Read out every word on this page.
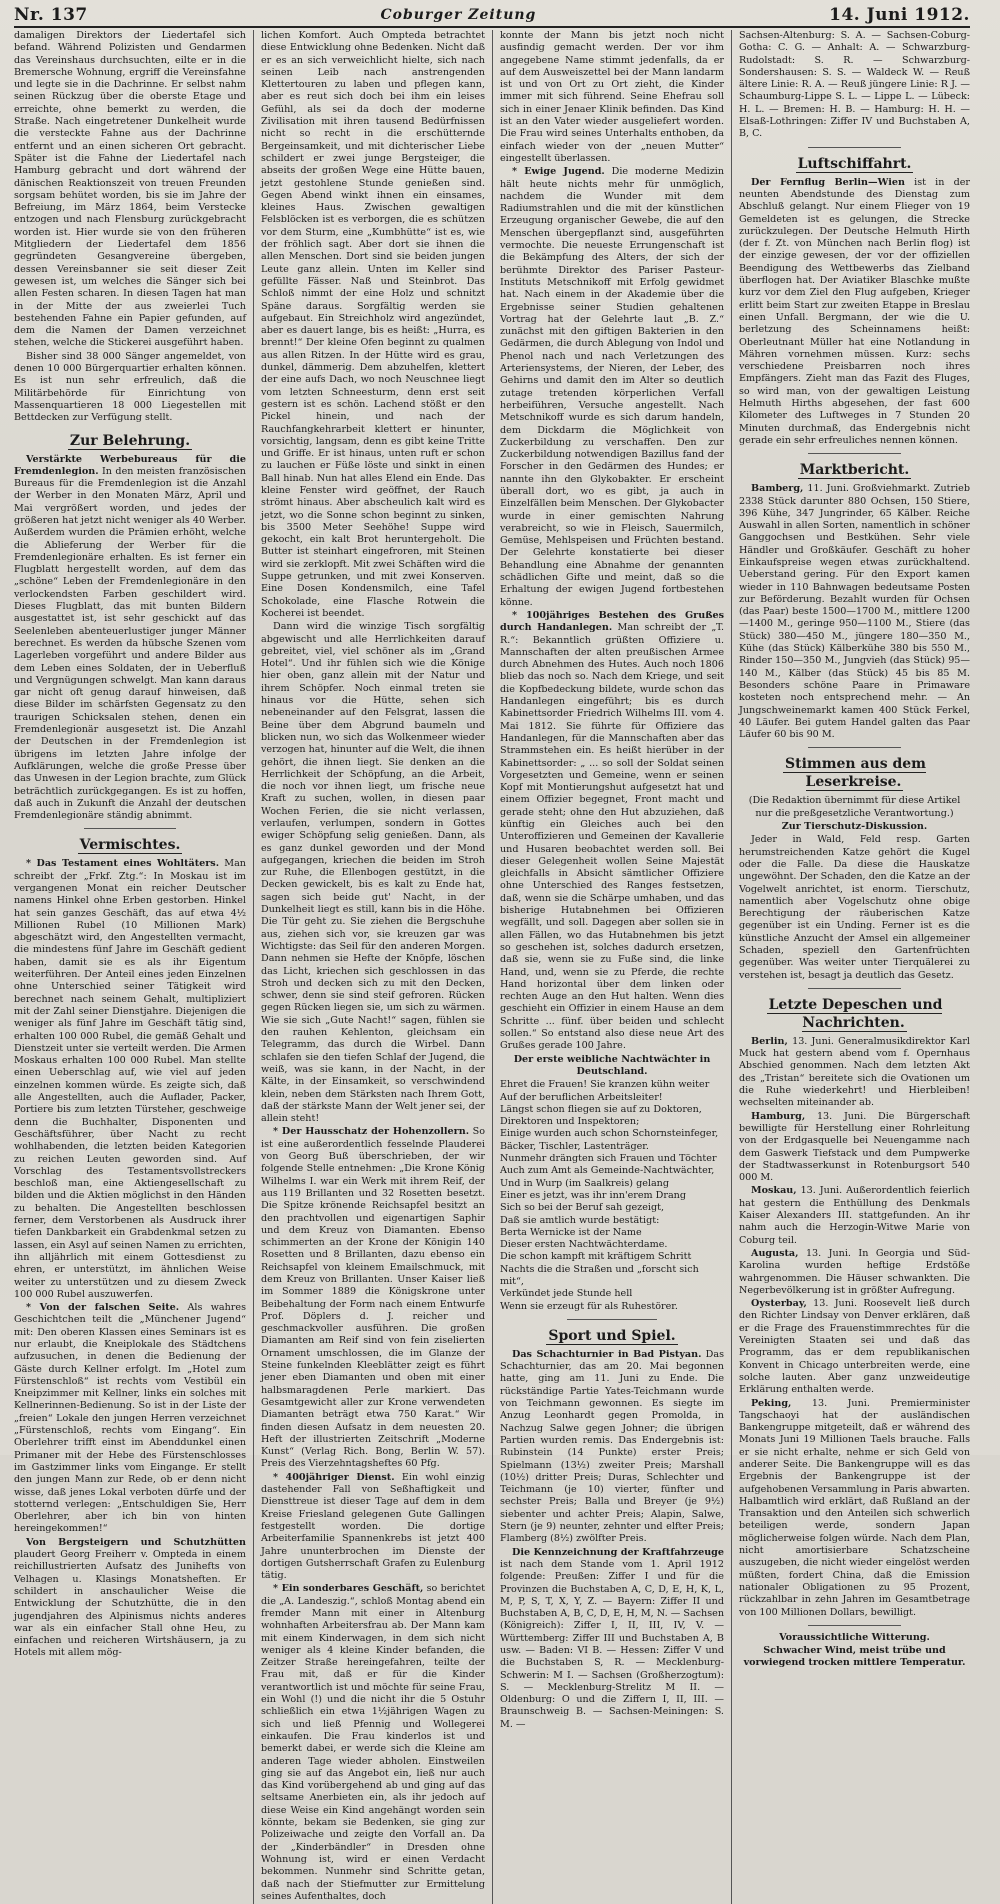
Nr. 137	Coburger Zeitung	14. Juni 1912.

damaligen Direktors der Liedertafel sich befand. Während Polizisten und Gendarmen das Vereinshaus durchsuchten, eilte er in die Bremersche Wohnung, ergriff die Vereinsfahne und legte sie in die Dachrinne. Er selbst nahm seinen Rückzug über die oberste Etage und erreichte, ohne bemerkt zu werden, die Straße. Nach eingetretener Dunkelheit wurde die versteckte Fahne aus der Dachrinne entfernt und an einen sicheren Ort gebracht. Später ist die Fahne der Liedertafel nach Hamburg gebracht und dort während der dänischen Reaktionszeit von treuen Freunden sorgsam behütet worden, bis sie im Jahre der Befreiung, im März 1864, beim Verstecke entzogen und nach Flensburg zurückgebracht worden ist. Hier wurde sie von den früheren Mitgliedern der Liedertafel dem 1856 gegründeten Gesangvereine übergeben, dessen Vereinsbanner sie seit dieser Zeit gewesen ist, um welches die Sänger sich bei allen Festen scharen. In diesen Tagen hat man in der Mitte der aus zweierlei Tuch bestehenden Fahne ein Papier gefunden, auf dem die Namen der Damen verzeichnet stehen, welche die Stickerei ausgeführt haben.

Bisher sind 38 000 Sänger angemeldet, von denen 10 000 Bürgerquartier erhalten können. Es ist nun sehr erfreulich, daß die Militärbehörde für Einrichtung von Massenquartieren 18 000 Liegestellen mit Bettdecken zur Verfügung stellt.

Zur Belehrung.

Verstärkte Werbebureaus für die Fremdenlegion. In den meisten französischen Bureaus für die Fremdenlegion ist die Anzahl der Werber in den Monaten März, April und Mai vergrößert worden, und jedes der größeren hat jetzt nicht weniger als 40 Werber. Außerdem wurden die Prämien erhöht, welche die Ablieferung der Werber für die Fremdenlegionäre erhalten. Es ist ferner ein Flugblatt hergestellt worden, auf dem das „schöne“ Leben der Fremdenlegionäre in den verlockendsten Farben geschildert wird. Dieses Flugblatt, das mit bunten Bildern ausgestattet ist, ist sehr geschickt auf das Seelenleben abenteuerlustiger junger Männer berechnet. Es werden da hübsche Szenen vom Lagerleben vorgeführt und andere Bilder aus dem Leben eines Soldaten, der in Ueberfluß und Vergnügungen schwelgt. Man kann daraus gar nicht oft genug darauf hinweisen, daß diese Bilder im schärfsten Gegensatz zu den traurigen Schicksalen stehen, denen ein Fremdenlegionär ausgesetzt ist. Die Anzahl der Deutschen in der Fremdenlegion ist übrigens im letzten Jahre infolge der Aufklärungen, welche die große Presse über das Unwesen in der Legion brachte, zum Glück beträchtlich zurückgegangen. Es ist zu hoffen, daß auch in Zukunft die Anzahl der deutschen Fremdenlegionäre ständig abnimmt.

Vermischtes.

* Das Testament eines Wohltäters. Man schreibt der „Frkf. Ztg.“: In Moskau ist im vergangenen Monat ein reicher Deutscher namens Hinkel ohne Erben gestorben. Hinkel hat sein ganzes Geschäft, das auf etwa 4½ Millionen Rubel (10 Millionen Mark) abgeschätzt wird, den Angestellten vermacht, die mindestens fünf Jahre im Geschäft gedient haben, damit sie es als ihr Eigentum weiterführen. Der Anteil eines jeden Einzelnen ohne Unterschied seiner Tätigkeit wird berechnet nach seinem Gehalt, multipliziert mit der Zahl seiner Dienstjahre. Diejenigen die weniger als fünf Jahre im Geschäft tätig sind, erhalten 100 000 Rubel, die gemäß Gehalt und Dienstzeit unter sie verteilt werden. Die Armen Moskaus erhalten 100 000 Rubel. Man stellte einen Ueberschlag auf, wie viel auf jeden einzelnen kommen würde. Es zeigte sich, daß alle Angestellten, auch die Auflader, Packer, Portiere bis zum letzten Türsteher, geschweige denn die Buchhalter, Disponenten und Geschäftsführer, über Nacht zu recht wohlhabenden, die letzten beiden Kategorien zu reichen Leuten geworden sind. Auf Vorschlag des Testamentsvollstreckers beschloß man, eine Aktiengesellschaft zu bilden und die Aktien möglichst in den Händen zu behalten. Die Angestellten beschlossen ferner, dem Verstorbenen als Ausdruck ihrer tiefen Dankbarkeit ein Grabdenkmal setzen zu lassen, ein Asyl auf seinen Namen zu errichten, ihn alljährlich mit einem Gottesdienst zu ehren, er unterstützt, im ähnlichen Weise weiter zu unterstützen und zu diesem Zweck 100 000 Rubel auszuwerfen.

* Von der falschen Seite. Als wahres Geschichtchen teilt die „Münchener Jugend“ mit: Den oberen Klassen eines Seminars ist es nur erlaubt, die Kneiplokale des Städtchens aufzusuchen, in denen die Bedienung der Gäste durch Kellner erfolgt. Im „Hotel zum Fürstenschloß“ ist rechts vom Vestibül ein Kneipzimmer mit Kellner, links ein solches mit Kellnerinnen-Bedienung. So ist in der Liste der „freien“ Lokale den jungen Herren verzeichnet „Fürstenschloß, rechts vom Eingang“. Ein Oberlehrer trifft einst im Abenddunkel einen Primaner mit der Hebe des Fürstenschlosses im Gastzimmer links vom Eingange. Er stellt den jungen Mann zur Rede, ob er denn nicht wisse, daß jenes Lokal verboten dürfe und der stotternd verlegen: „Entschuldigen Sie, Herr Oberlehrer, aber ich bin von hinten hereingekommen!“

Von Bergsteigern und Schutzhütten plaudert Georg Freiherr v. Ompteda in einem reichillustrierten Aufsatz des Junihefts von Velhagen u. Klasings Monatsheften. Er schildert in anschaulicher Weise die Entwicklung der Schutzhütte, die in den jugendjahren des Alpinismus nichts anderes war als ein einfacher Stall ohne Heu, zu einfachen und reicheren Wirtshäusern, ja zu Hotels mit allem mög-

lichen Komfort. Auch Ompteda betrachtet diese Entwicklung ohne Bedenken. Nicht daß er es an sich verweichlicht hielte, sich nach seinen Leib nach anstrengenden Klettertouren zu laben und pflegen kann, aber es reut sich doch bei ihm ein leises Gefühl, als sei da doch der moderne Zivilisation mit ihren tausend Bedürfnissen nicht so recht in die erschütternde Bergeinsamkeit, und mit dichterischer Liebe schildert er zwei junge Bergsteiger, die abseits der großen Wege eine Hütte bauen, jetzt gestohlene Stunde genießen sind. Gegen Abend winkt ihnen ein einsames, kleines Haus. Zwischen gewaltigen Felsblöcken ist es verborgen, die es schützen vor dem Sturm, eine „Kumbhütte“ ist es, wie der fröhlich sagt. Aber dort sie ihnen die allen Menschen. Dort sind sie beiden jungen Leute ganz allein. Unten im Keller sind gefüllte Fässer. Naß und Steinbrot. Das Schloß nimmt der eine Holz und schnitzt Späne daraus. Sorgfältig werden sie aufgebaut. Ein Streichholz wird angezündet, aber es dauert lange, bis es heißt: „Hurra, es brennt!“ Der kleine Ofen beginnt zu qualmen aus allen Ritzen. In der Hütte wird es grau, dunkel, dämmerig. Dem abzuhelfen, klettert der eine aufs Dach, wo noch Neuschnee liegt vom letzten Schneesturm, denn erst seit gestern ist es schön. Lachend stößt er den Pickel hinein, und nach der Rauchfangkehrarbeit klettert er hinunter, vorsichtig, langsam, denn es gibt keine Tritte und Griffe. Er ist hinaus, unten ruft er schon zu lauchen er Füße löste und sinkt in einen Ball hinab. Nun hat alles Elend ein Ende. Das kleine Fenster wird geöffnet, der Rauch strömt hinaus. Aber abscheulich kalt wird es jetzt, wo die Sonne schon beginnt zu sinken, bis 3500 Meter Seehöhe! Suppe wird gekocht, ein kalt Brot heruntergeholt. Die Butter ist steinhart eingefroren, mit Steinen wird sie zerklopft. Mit zwei Schäften wird die Suppe getrunken, und mit zwei Konserven. Eine Dosen Kondensmilch, eine Tafel Schokolade, eine Flasche Rotwein die Kocherei ist beendet.

Dann wird die winzige Tisch sorgfältig abgewischt und alle Herrlichkeiten darauf gebreitet, viel, viel schöner als im „Grand Hotel“. Und ihr fühlen sich wie die Könige hier oben, ganz allein mit der Natur und ihrem Schöpfer. Noch einmal treten sie hinaus vor die Hütte, sehen sich nebeneinander auf den Felsgrat, lassen die Beine über dem Abgrund baumeln und blicken nun, wo sich das Wolkenmeer wieder verzogen hat, hinunter auf die Welt, die ihnen gehört, die ihnen liegt. Sie denken an die Herrlichkeit der Schöpfung, an die Arbeit, die noch vor ihnen liegt, um frische neue Kraft zu suchen, wollen, in diesen paar Wochen Ferien, die sie nicht verlassen, verlaufen, verlumpen, sondern in Gottes ewiger Schöpfung selig genießen. Dann, als es ganz dunkel geworden und der Mond aufgegangen, kriechen die beiden im Stroh zur Ruhe, die Ellenbogen gestützt, in die Decken gewickelt, bis es kalt zu Ende hat, sagen sich beide gut' Nacht, in der Dunkelheit liegt es still, kann bis in die Höhe. Die Tür geht zu. Sie ziehen die Bergschuhe aus, ziehen sich vor, sie kreuzen gar was Wichtigste: das Seil für den anderen Morgen. Dann nehmen sie Hefte der Knöpfe, löschen das Licht, kriechen sich geschlossen in das Stroh und decken sich zu mit den Decken, schwer, denn sie sind steif gefroren. Rücken gegen Rücken liegen sie, um sich zu wärmen. Wie sie sich „Gute Nacht!“ sagen, fühlen sie den rauhen Kehlenton, gleichsam ein Telegramm, das durch die Wirbel. Dann schlafen sie den tiefen Schlaf der Jugend, die weiß, was sie kann, in der Nacht, in der Kälte, in der Einsamkeit, so verschwindend klein, neben dem Stärksten nach Ihrem Gott, daß der stärkste Mann der Welt jener sei, der allein steht!

* Der Hausschatz der Hohenzollern. So ist eine außerordentlich fesselnde Plauderei von Georg Buß überschrieben, der wir folgende Stelle entnehmen: „Die Krone König Wilhelms I. war ein Werk mit ihrem Reif, der aus 119 Brillanten und 32 Rosetten besetzt. Die Spitze krönende Reichsapfel besitzt an den prachtvollen und eigenartigen Saphir und dem Kreuz von Diamanten. Ebenso schimmerten an der Krone der Königin 140 Rosetten und 8 Brillanten, dazu ebenso ein Reichsapfel von kleinem Emailschmuck, mit dem Kreuz von Brillanten. Unser Kaiser ließ im Sommer 1889 die Königskrone unter Beibehaltung der Form nach einem Entwurfe Prof. Döplers d. J. reicher und geschmackvoller ausführen. Die großen Diamanten am Reif sind von fein ziselierten Ornament umschlossen, die im Glanze der Steine funkelnden Kleeblätter zeigt es führt jener eben Diamanten und oben mit einer halbsmaragdenen Perle markiert. Das Gesamtgewicht aller zur Krone verwendeten Diamanten beträgt etwa 750 Karat.“ Wir finden diesen Aufsatz in dem neuesten 20. Heft der illustrierten Zeitschrift „Moderne Kunst“ (Verlag Rich. Bong, Berlin W. 57). Preis des Vierzehntagsheftes 60 Pfg.

* 400jähriger Dienst. Ein wohl einzig dastehender Fall von Seßhaftigkeit und Diensttreue ist dieser Tage auf dem in dem Kreise Friesland gelegenen Gute Gallingen festgestellt worden. Die dortige Arbeiterfamilie Spannenkrebs ist jetzt 400 Jahre ununterbrochen im Dienste der dortigen Gutsherrschaft Grafen zu Eulenburg tätig.

* Ein sonderbares Geschäft, so berichtet die „A. Landeszig.“, schloß Montag abend ein fremder Mann mit einer in Altenburg wohnhaften Arbeitersfrau ab. Der Mann kam mit einem Kinderwagen, in dem sich nicht weniger als 4 kleine Kinder befanden, die Zeitzer Straße hereingefahren, teilte der Frau mit, daß er für die Kinder verantwortlich ist und möchte für seine Frau, ein Wohl (!) und die nicht ihr die 5 Ostuhr schließlich ein etwa 1½jährigen Wagen zu sich und ließ Pfennig und Wollegerei einkaufen. Die Frau kinderlos ist und bemerkt dabei, er werde sich die Kleine am anderen Tage wieder abholen. Einstweilen ging sie auf das Angebot ein, ließ nur auch das Kind vorübergehend ab und ging auf das seltsame Anerbieten ein, als ihr jedoch auf diese Weise ein Kind angehängt worden sein könnte, bekam sie Bedenken, sie ging zur Polizeiwache und zeigte den Vorfall an. Da der „Kinderbändler“ in Dresden ohne Wohnung ist, wird er einen Verdacht bekommen. Nunmehr sind Schritte getan, daß nach der Stiefmutter zur Ermittelung seines Aufenthaltes, doch

konnte der Mann bis jetzt noch nicht ausfindig gemacht werden. Der vor ihm angegebene Name stimmt jedenfalls, da er auf dem Ausweiszettel bei der Mann landarm ist und von Ort zu Ort zieht, die Kinder immer mit sich führend. Seine Ehefrau soll sich in einer Jenaer Klinik befinden. Das Kind ist an den Vater wieder ausgeliefert worden. Die Frau wird seines Unterhalts enthoben, da einfach wieder von der „neuen Mutter“ eingestellt überlassen.

* Ewige Jugend. Die moderne Medizin hält heute nichts mehr für unmöglich, nachdem die Wunder mit dem Radiumstrahlen und die mit der künstlichen Erzeugung organischer Gewebe, die auf den Menschen übergepflanzt sind, ausgeführten vermochte. Die neueste Errungenschaft ist die Bekämpfung des Alters, der sich der berühmte Direktor des Pariser Pasteur-Instituts Metschnikoff mit Erfolg gewidmet hat. Nach einem in der Akademie über die Ergebnisse seiner Studien gehaltenen Vortrag hat der Gelehrte laut „B. Z.“ zunächst mit den giftigen Bakterien in den Gedärmen, die durch Ablegung von Indol und Phenol nach und nach Verletzungen des Arteriensystems, der Nieren, der Leber, des Gehirns und damit den im Alter so deutlich zutage tretenden körperlichen Verfall herbeiführen, Versuche angestellt. Nach Metschnikoff wurde es sich darum handeln, dem Dickdarm die Möglichkeit von Zuckerbildung zu verschaffen. Den zur Zuckerbildung notwendigen Bazillus fand der Forscher in den Gedärmen des Hundes; er nannte ihn den Glykobakter. Er erscheint überall dort, wo es gibt, ja auch in Einzelfällen beim Menschen. Der Glykobacter wurde in einer gemischten Nahrung verabreicht, so wie in Fleisch, Sauermilch, Gemüse, Mehlspeisen und Früchten bestand. Der Gelehrte konstatierte bei dieser Behandlung eine Abnahme der genannten schädlichen Gifte und meint, daß so die Erhaltung der ewigen Jugend fortbestehen könne.

* 100jähriges Bestehen des Grußes durch Handanlegen. Man schreibt der „T. R.“: Bekanntlich grüßten Offiziere u. Mannschaften der alten preußischen Armee durch Abnehmen des Hutes. Auch noch 1806 blieb das noch so. Nach dem Kriege, und seit die Kopfbedeckung bildete, wurde schon das Handanlegen eingeführt; bis es durch Kabinettsorder Friedrich Wilhelms III. vom 4. Mai 1812. Sie führte für Offiziere das Handanlegen, für die Mannschaften aber das Strammstehen ein. Es heißt hierüber in der Kabinettsorder: „ ... so soll der Soldat seinen Vorgesetzten und Gemeine, wenn er seinen Kopf mit Montierungshut aufgesetzt hat und einem Offizier begegnet, Front macht und gerade steht; ohne den Hut abzuziehen, daß künftig ein Gleiches auch bei den Unteroffizieren und Gemeinen der Kavallerie und Husaren beobachtet werden soll. Bei dieser Gelegenheit wollen Seine Majestät gleichfalls in Absicht sämtlicher Offiziere ohne Unterschied des Ranges festsetzen, daß, wenn sie die Schärpe umhaben, und das bisherige Hutabnehmen bei Offizieren wegfällt, und soll. Dagegen aber sollen sie in allen Fällen, wo das Hutabnehmen bis jetzt so geschehen ist, solches dadurch ersetzen, daß sie, wenn sie zu Fuße sind, die linke Hand, und, wenn sie zu Pferde, die rechte Hand horizontal über dem linken oder rechten Auge an den Hut halten. Wenn dies geschieht ein Offizier in einem Hause an dem Schritte ... fünf. über beiden und schlecht sollen.“ So entstand also diese neue Art des Grußes gerade 100 Jahre.

Der erste weibliche Nachtwächter in Deutschland.

Ehret die Frauen! Sie kranzen kühn weiter

Auf der beruflichen Arbeitsleiter!

Längst schon fliegen sie auf zu Doktoren,

Direktoren und Inspektoren;

Einige wurden auch schon Schornsteinfeger,

Bäcker, Tischler, Lastenträger.

Nunmehr drängten sich Frauen und Töchter

Auch zum Amt als Gemeinde-Nachtwächter,

Und in Wurp (im Saalkreis) gelang

Einer es jetzt, was ihr inn'erem Drang

Sich so bei der Beruf sah gezeigt,

Daß sie amtlich wurde bestätigt:

Berta Wernicke ist der Name

Dieser ersten Nachtwächterdame.

Die schon kampft mit kräftigem Schritt

Nachts die die Straßen und „forscht sich mit“,

Verkündet jede Stunde hell

Wenn sie erzeugt für als Ruhestörer.

Sport und Spiel.

Das Schachturnier in Bad Pistyan. Das Schachturnier, das am 20. Mai begonnen hatte, ging am 11. Juni zu Ende. Die rückständige Partie Yates-Teichmann wurde von Teichmann gewonnen. Es siegte im Anzug Leonhardt gegen Promolda, in Nachzug Salwe gegen Johner; die übrigen Partien wurden remis. Das Endergebnis ist: Rubinstein (14 Punkte) erster Preis; Spielmann (13½) zweiter Preis; Marshall (10½) dritter Preis; Duras, Schlechter und Teichmann (je 10) vierter, fünfter und sechster Preis; Balla und Breyer (je 9½) siebenter und achter Preis; Alapin, Salwe, Stern (je 9) neunter, zehnter und elfter Preis; Flamberg (8½) zwölfter Preis.

Die Kennzeichnung der Kraftfahrzeuge ist nach dem Stande vom 1. April 1912 folgende: Preußen: Ziffer I und für die Provinzen die Buchstaben A, C, D, E, H, K, L, M, P, S, T, X, Y, Z. — Bayern: Ziffer II und Buchstaben A, B, C, D, E, H, M, N. — Sachsen (Königreich): Ziffer I, II, III, IV, V. — Württemberg: Ziffer III und Buchstaben A, B usw. — Baden: VI B. — Hessen: Ziffer V und die Buchstaben S, R. — Mecklenburg-Schwerin: M I. — Sachsen (Großherzogtum): S. — Mecklenburg-Strelitz M II. — Oldenburg: O und die Ziffern I, II, III. — Braunschweig B. — Sachsen-Meiningen: S. M. —

Sachsen-Altenburg: S. A. — Sachsen-Coburg-Gotha: C. G. — Anhalt: A. — Schwarzburg-Rudolstadt: S. R. — Schwarzburg-Sondershausen: S. S. — Waldeck W. — Reuß ältere Linie: R. A. — Reuß jüngere Linie: R J. — Schaumburg-Lippe S. L. — Lippe L. — Lübeck: H. L. — Bremen: H. B. — Hamburg: H. H. — Elsaß-Lothringen: Ziffer IV und Buchstaben A, B, C.

Luftschiffahrt.

Der Fernflug Berlin—Wien ist in der neunten Abendstunde des Dienstag zum Abschluß gelangt. Nur einem Flieger von 19 Gemeldeten ist es gelungen, die Strecke zurückzulegen. Der Deutsche Helmuth Hirth (der f. Zt. von München nach Berlin flog) ist der einzige gewesen, der vor der offiziellen Beendigung des Wettbewerbs das Zielband überflogen hat. Der Aviatiker Blaschke mußte kurz vor dem Ziel den Flug aufgeben, Krieger erlitt beim Start zur zweiten Etappe in Breslau einen Unfall. Bergmann, der wie die U. berletzung des Scheinnamens heißt: Oberleutnant Müller hat eine Notlandung in Mähren vornehmen müssen. Kurz: sechs verschiedene Preisbarren noch ihres Empfängers. Zieht man das Fazit des Fluges, so wird man, von der gewaltigen Leistung Helmuth Hirths abgesehen, der fast 600 Kilometer des Luftweges in 7 Stunden 20 Minuten durchmaß, das Endergebnis nicht gerade ein sehr erfreuliches nennen können.

Marktbericht.

Bamberg, 11. Juni. Großviehmarkt. Zutrieb 2338 Stück darunter 880 Ochsen, 150 Stiere, 396 Kühe, 347 Jungrinder, 65 Kälber. Reiche Auswahl in allen Sorten, namentlich in schöner Ganggochsen und Bestkühen. Sehr viele Händler und Großkäufer. Geschäft zu hoher Einkaufspreise wegen etwas zurückhaltend. Ueberstand gering. Für den Export kamen wieder in 110 Bahnwagen bedeutsame Posten zur Beförderung. Bezahlt wurden für Ochsen (das Paar) beste 1500—1700 M., mittlere 1200—1400 M., geringe 950—1100 M., Stiere (das Stück) 380—450 M., jüngere 180—350 M., Kühe (das Stück) Kälberkühe 380 bis 550 M., Rinder 150—350 M., Jungvieh (das Stück) 95—140 M., Kälber (das Stück) 45 bis 85 M. Besonders schöne Paare in Primaware kosteten noch entsprechend mehr. — An Jungschweinemarkt kamen 400 Stück Ferkel, 40 Läufer. Bei gutem Handel galten das Paar Läufer 60 bis 90 M.

Stimmen aus dem Leserkreise.

(Die Redaktion übernimmt für diese Artikel nur die preßgesetzliche Verantwortung.)

Zur Tierschutz-Diskussion.

Jeder in Wald, Feld resp. Garten herumstreichenden Katze gehört die Kugel oder die Falle. Da diese die Hauskatze ungewöhnt. Der Schaden, den die Katze an der Vogelwelt anrichtet, ist enorm. Tierschutz, namentlich aber Vogelschutz ohne obige Berechtigung der räuberischen Katze gegenüber ist ein Unding. Ferner ist es die künstliche Anzucht der Amsel ein allgemeiner Schaden, speziell den Gartenfrüchten gegenüber. Was weiter unter Tierquälerei zu verstehen ist, besagt ja deutlich das Gesetz.

Letzte Depeschen und Nachrichten.

Berlin, 13. Juni. Generalmusikdirektor Karl Muck hat gestern abend vom f. Opernhaus Abschied genommen. Nach dem letzten Akt des „Tristan“ bereitete sich die Ovationen um die Ruhe wiederkehrt! und Hierbleiben! wechselten miteinander ab.

Hamburg, 13. Juni. Die Bürgerschaft bewilligte für Herstellung einer Rohrleitung von der Erdgasquelle bei Neuengamme nach dem Gaswerk Tiefstack und dem Pumpwerke der Stadtwasserkunst in Rotenburgsort 540 000 M.

Moskau, 13. Juni. Außerordentlich feierlich hat gestern die Enthüllung des Denkmals Kaiser Alexanders III. stattgefunden. An ihr nahm auch die Herzogin-Witwe Marie von Coburg teil.

Augusta, 13. Juni. In Georgia und Süd-Karolina wurden heftige Erdstöße wahrgenommen. Die Häuser schwankten. Die Negerbevölkerung ist in größter Aufregung.

Oysterbay, 13. Juni. Roosevelt ließ durch den Richter Lindsay von Denver erklären, daß er die Frage des Frauenstimmrechtes für die Vereinigten Staaten sei und daß das Programm, das er dem republikanischen Konvent in Chicago unterbreiten werde, eine solche lauten. Aber ganz unzweideutige Erklärung enthalten werde.

Peking, 13. Juni. Premierminister Tangschaoyi hat der ausländischen Bankengruppe mitgeteilt, daß er während des Monats Juni 19 Millionen Taels brauche. Falls er sie nicht erhalte, nehme er sich Geld von anderer Seite. Die Bankengruppe will es das Ergebnis der Bankengruppe ist der aufgehobenen Versammlung in Paris abwarten. Halbamtlich wird erklärt, daß Rußland an der Transaktion und den Anteilen sich schwerlich beteiligen werde, sondern Japan möglicherweise folgen würde. Nach dem Plan, nicht amortisierbare Schatzscheine auszugeben, die nicht wieder eingelöst werden müßten, fordert China, daß die Emission nationaler Obligationen zu 95 Prozent, rückzahlbar in zehn Jahren im Gesamtbetrage von 100 Millionen Dollars, bewilligt.

Voraussichtliche Witterung.

Schwacher Wind, meist trübe und vorwiegend trocken mittlere Temperatur.
